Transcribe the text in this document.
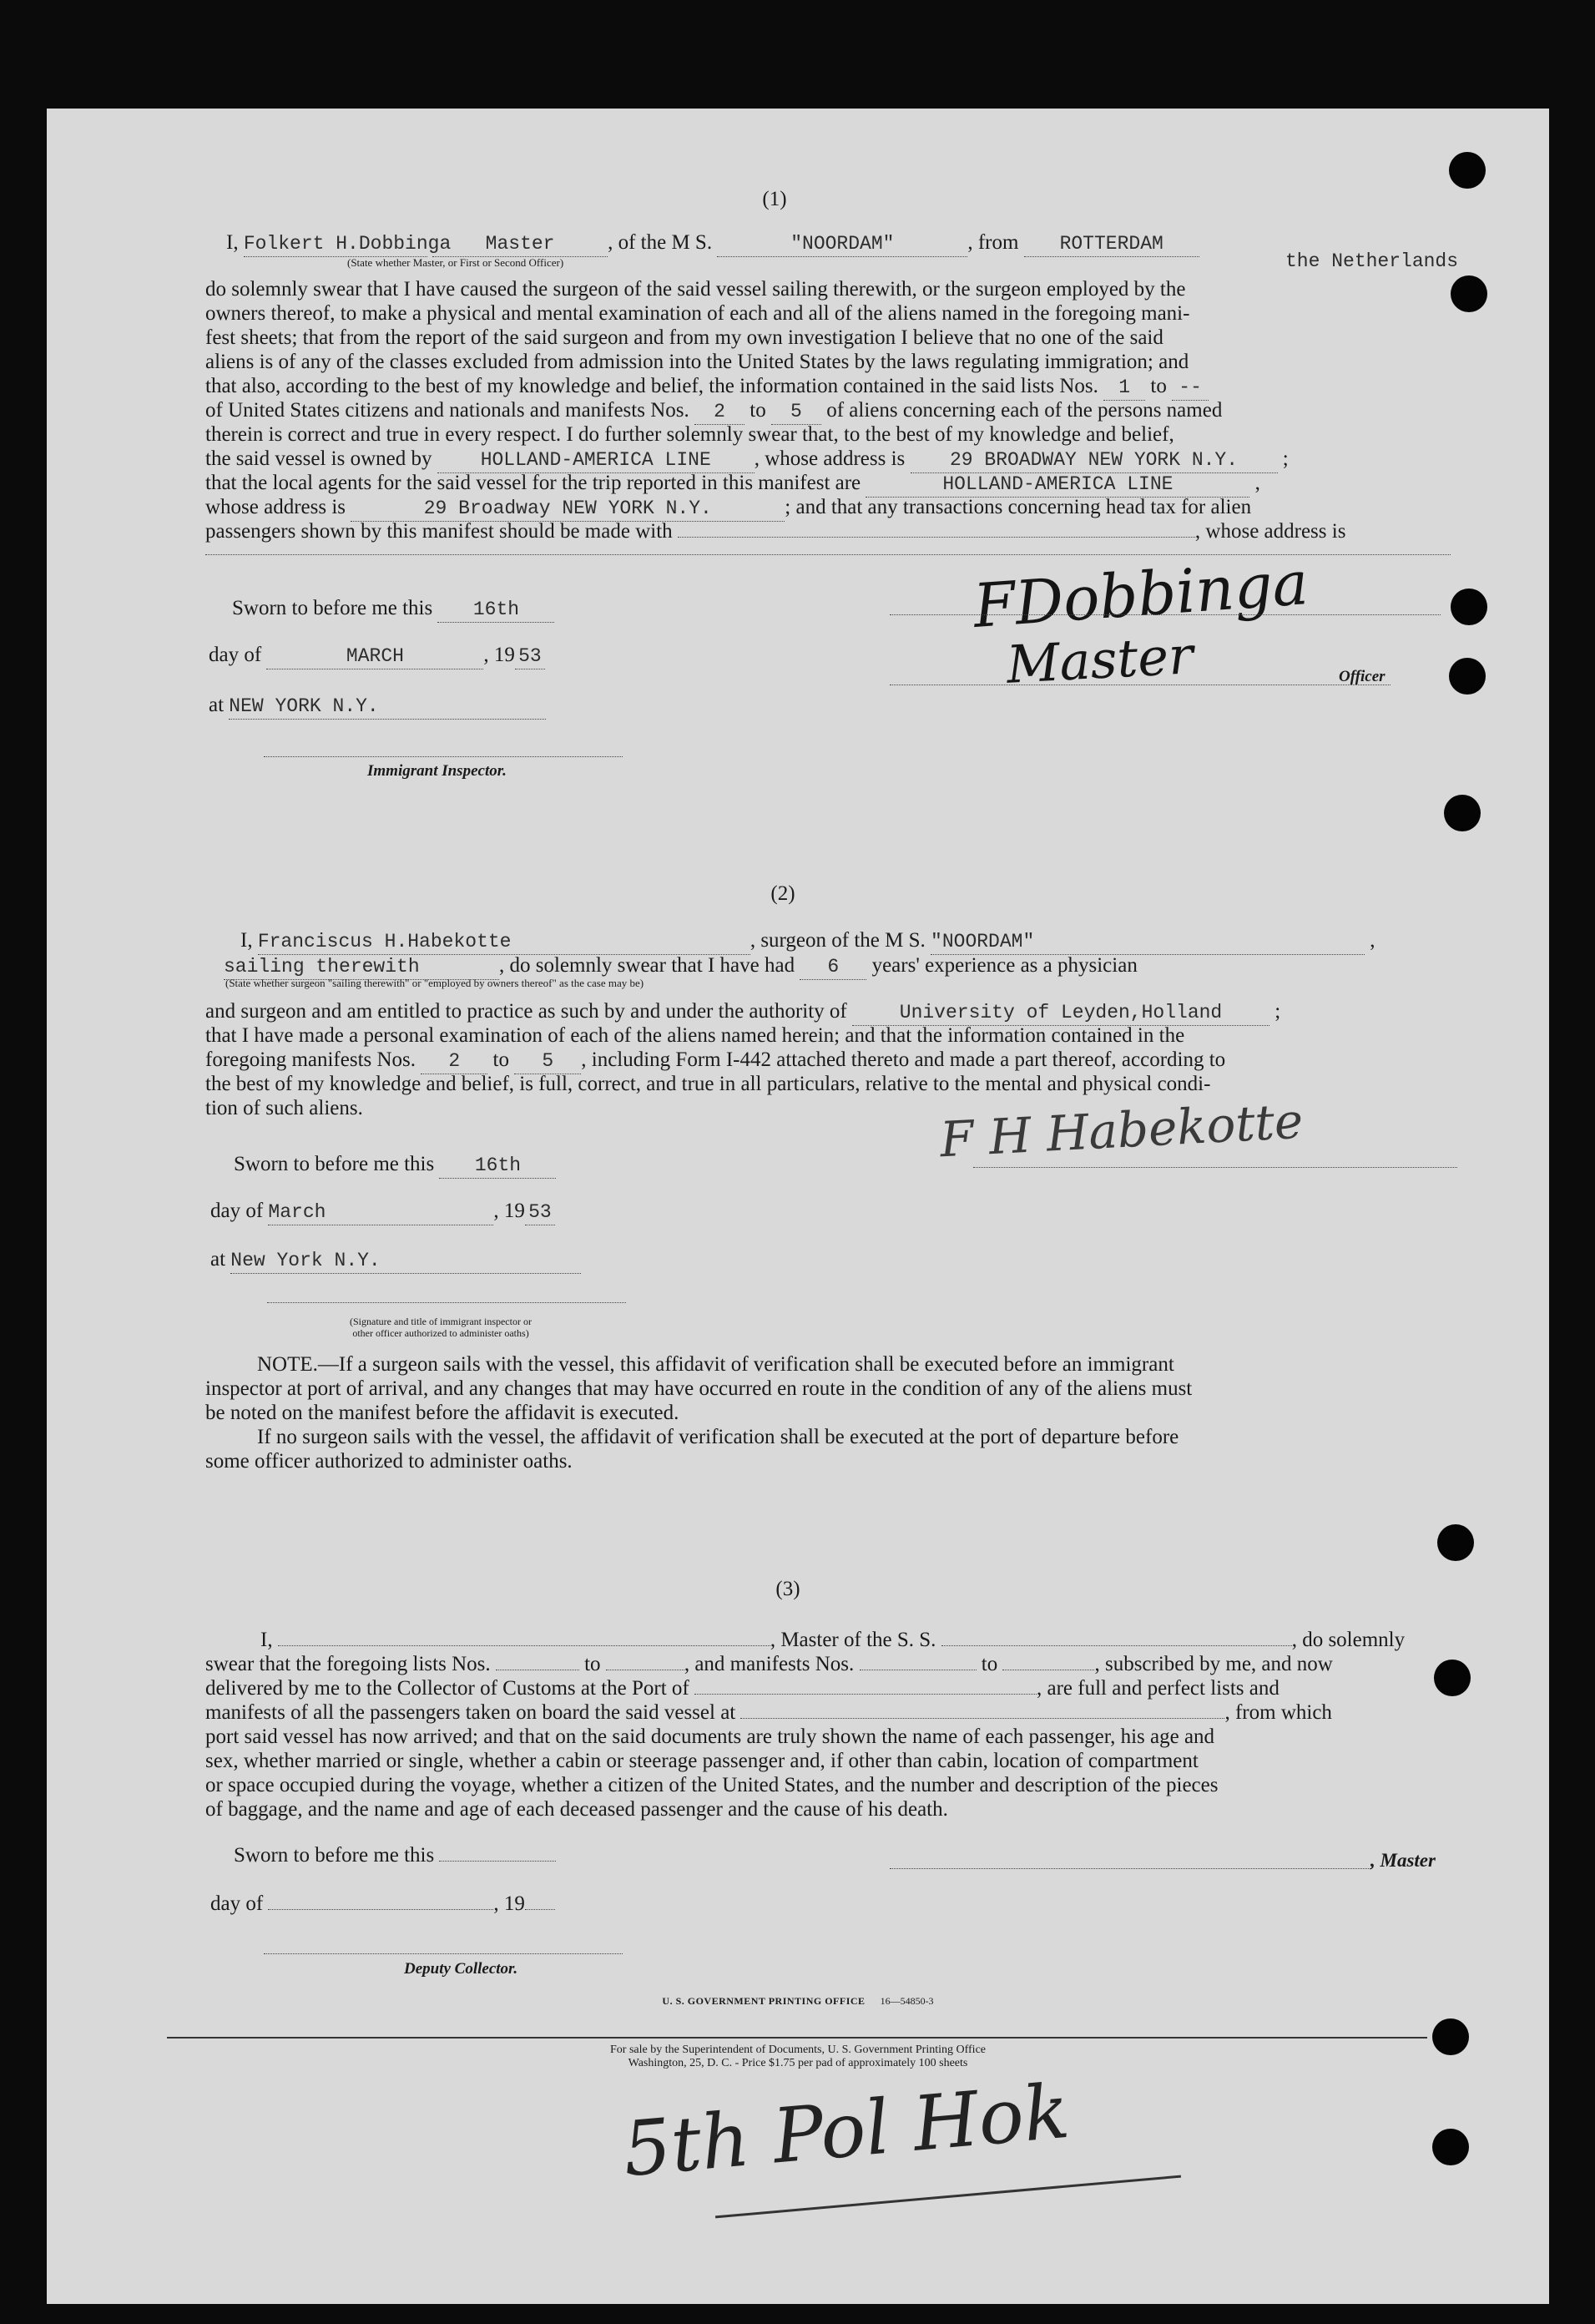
(1)
I, Folkert H.Dobbinga Master	, of the M S.	"NOORDAM"	, from ROTTERDAM
the Netherlands
(State whether Master, or First or Second Officer)
do solemnly swear that I have caused the surgeon of the said vessel sailing therewith, or the surgeon employed by the
owners thereof, to make a physical and mental examination of each and all of the aliens named in the foregoing mani-
fest sheets; that from the report of the said surgeon and from my own investigation I believe that no one of the said
aliens is of any of the classes excluded from admission into the United States by the laws regulating immigration; and
that also, according to the best of my knowledge and belief, the information contained in the said lists Nos. 1 to --
of United States citizens and nationals and manifests Nos. 2 to 5 of aliens concerning each of the persons named
therein is correct and true in every respect. I do further solemnly swear that, to the best of my knowledge and belief,
the said vessel is owned by	HOLLAND-AMERICA LINE , whose address is 29 BROADWAY NEW YORK N.Y. ;
that the local agents for the said vessel for the trip reported in this manifest are	HOLLAND-AMERICA LINE	,
whose address is	29 Broadway NEW YORK N.Y.	; and that any transactions concerning head tax for alien
passengers shown by this manifest should be made with	, whose address is
Sworn to before me this 16th
day of	MARCH	, 19 53
at NEW YORK N.Y.
Immigrant Inspector.
FDobbinga
Master	Officer
(2)
I, Franciscus H.Habekotte	, surgeon of the M S. "NOORDAM"	,
sailing therewith	, do solemnly swear that I have had 6 years' experience as a physician
(State whether surgeon "sailing therewith" or "employed by owners thereof" as the case may be)
and surgeon and am entitled to practice as such by and under the authority of	University of Leyden,Holland ;
that I have made a personal examination of each of the aliens named herein; and that the information contained in the
foregoing manifests Nos. 2 to 5 , including Form I-442 attached thereto and made a part thereof, according to
the best of my knowledge and belief, is full, correct, and true in all particulars, relative to the mental and physical condi-
tion of such aliens.
Sworn to before me this 16th
day of March	, 19 53
at New York N.Y.
F H Habekotte
(Signature and title of immigrant inspector or
other officer authorized to administer oaths)
NOTE.—If a surgeon sails with the vessel, this affidavit of verification shall be executed before an immigrant
inspector at port of arrival, and any changes that may have occurred en route in the condition of any of the aliens must
be noted on the manifest before the affidavit is executed.
If no surgeon sails with the vessel, the affidavit of verification shall be executed at the port of departure before
some officer authorized to administer oaths.
(3)
I,	, Master of the S. S.	, do solemnly
swear that the foregoing lists Nos.	to	, and manifests Nos.	to	, subscribed by me, and now
delivered by me to the Collector of Customs at the Port of	, are full and perfect lists and
manifests of all the passengers taken on board the said vessel at	, from which
port said vessel has now arrived; and that on the said documents are truly shown the name of each passenger, his age and
sex, whether married or single, whether a cabin or steerage passenger and, if other than cabin, location of compartment
or space occupied during the voyage, whether a citizen of the United States, and the number and description of the pieces
of baggage, and the name and age of each deceased passenger and the cause of his death.
Sworn to before me this	, Master
day of	, 19
Deputy Collector.
U. S. GOVERNMENT PRINTING OFFICE 16—54850-3
For sale by the Superintendent of Documents, U. S. Government Printing Office
Washington, 25, D. C. - Price $1.75 per pad of approximately 100 sheets
5th Pol Hok
